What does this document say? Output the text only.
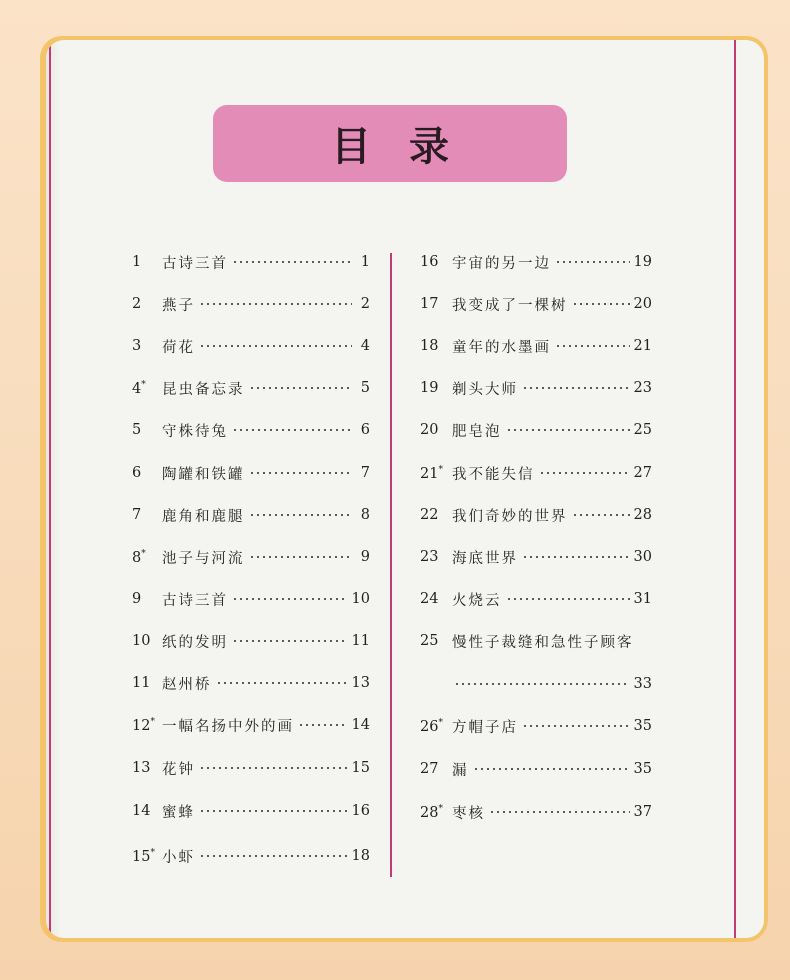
目录
1	古诗三首	1
2	燕子	2
3	荷花	4
4*	昆虫备忘录	5
5	守株待兔	6
6	陶罐和铁罐	7
7	鹿角和鹿腿	8
8*	池子与河流	9
9	古诗三首	10
10 纸的发明	11
11 赵州桥	13
12* 一幅名扬中外的画	14
13 花钟	15
14 蜜蜂	16
15* 小虾	18
16 宇宙的另一边	19
17 我变成了一棵树	20
18 童年的水墨画	21
19 剃头大师	23
20 肥皂泡	25
21* 我不能失信	27
22 我们奇妙的世界	28
23 海底世界	30
24 火烧云	31
25 慢性子裁缝和急性子顾客
33
26* 方帽子店	35
27 漏	35
28* 枣核	37
